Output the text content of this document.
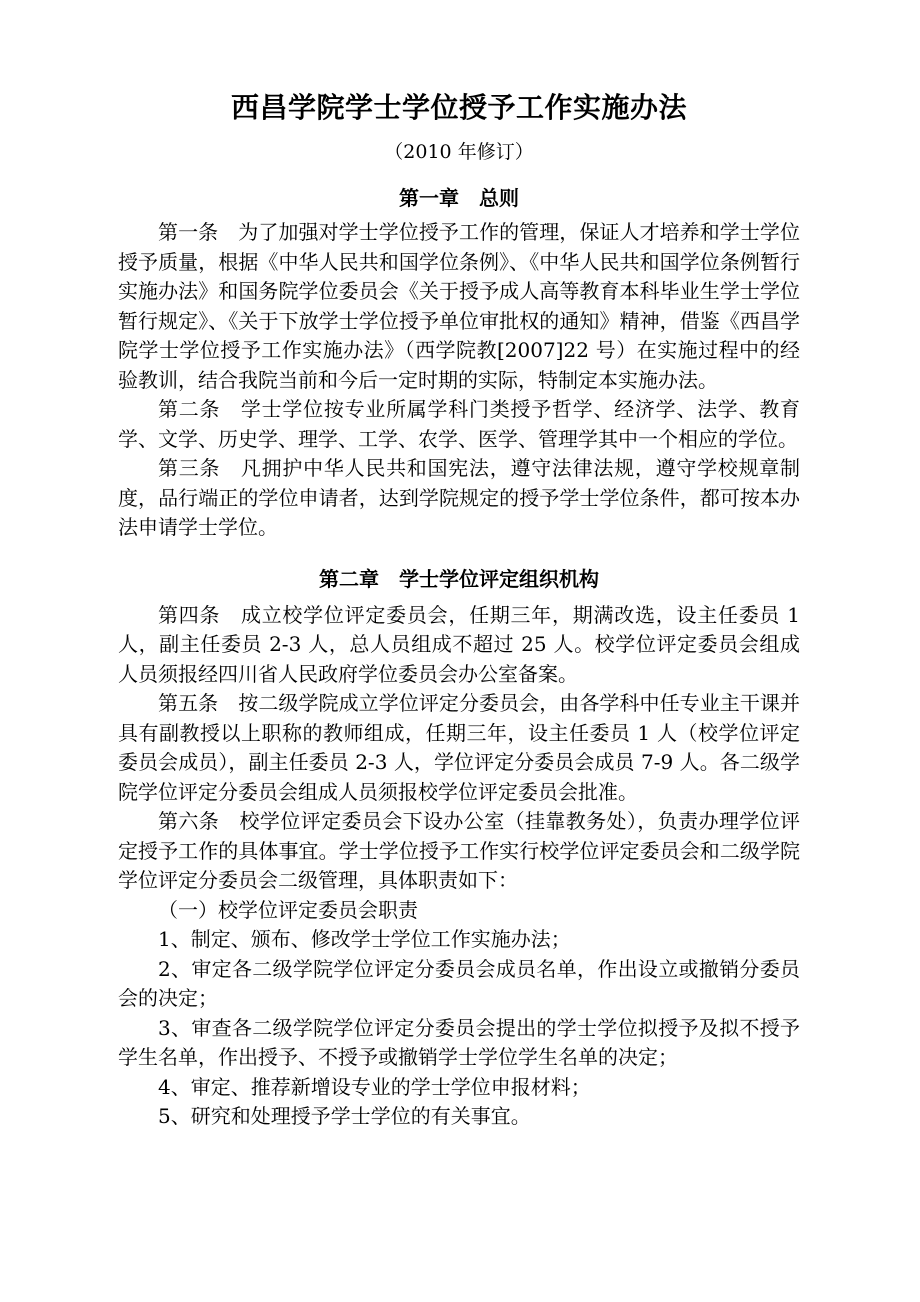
西昌学院学士学位授予工作实施办法
（2010 年修订）
第一章　总则

第一条　为了加强对学士学位授予工作的管理，保证人才培养和学士学位授予质量，根据《中华人民共和国学位条例》、《中华人民共和国学位条例暂行实施办法》和国务院学位委员会《关于授予成人高等教育本科毕业生学士学位暂行规定》、《关于下放学士学位授予单位审批权的通知》精神，借鉴《西昌学院学士学位授予工作实施办法》（西学院教[2007]22 号）在实施过程中的经验教训，结合我院当前和今后一定时期的实际，特制定本实施办法。

第二条　学士学位按专业所属学科门类授予哲学、经济学、法学、教育学、文学、历史学、理学、工学、农学、医学、管理学其中一个相应的学位。

第三条　凡拥护中华人民共和国宪法，遵守法律法规，遵守学校规章制度，品行端正的学位申请者，达到学院规定的授予学士学位条件，都可按本办法申请学士学位。

第二章　学士学位评定组织机构

第四条　成立校学位评定委员会，任期三年，期满改选，设主任委员 1 人，副主任委员 2-3 人，总人员组成不超过 25 人。校学位评定委员会组成人员须报经四川省人民政府学位委员会办公室备案。

第五条　按二级学院成立学位评定分委员会，由各学科中任专业主干课并具有副教授以上职称的教师组成，任期三年，设主任委员 1 人（校学位评定委员会成员），副主任委员 2-3 人，学位评定分委员会成员 7-9 人。各二级学院学位评定分委员会组成人员须报校学位评定委员会批准。

第六条　校学位评定委员会下设办公室（挂靠教务处），负责办理学位评定授予工作的具体事宜。学士学位授予工作实行校学位评定委员会和二级学院学位评定分委员会二级管理，具体职责如下：

（一）校学位评定委员会职责

1、制定、颁布、修改学士学位工作实施办法；

2、审定各二级学院学位评定分委员会成员名单，作出设立或撤销分委员会的决定；

3、审查各二级学院学位评定分委员会提出的学士学位拟授予及拟不授予学生名单，作出授予、不授予或撤销学士学位学生名单的决定；

4、审定、推荐新增设专业的学士学位申报材料；

5、研究和处理授予学士学位的有关事宜。
